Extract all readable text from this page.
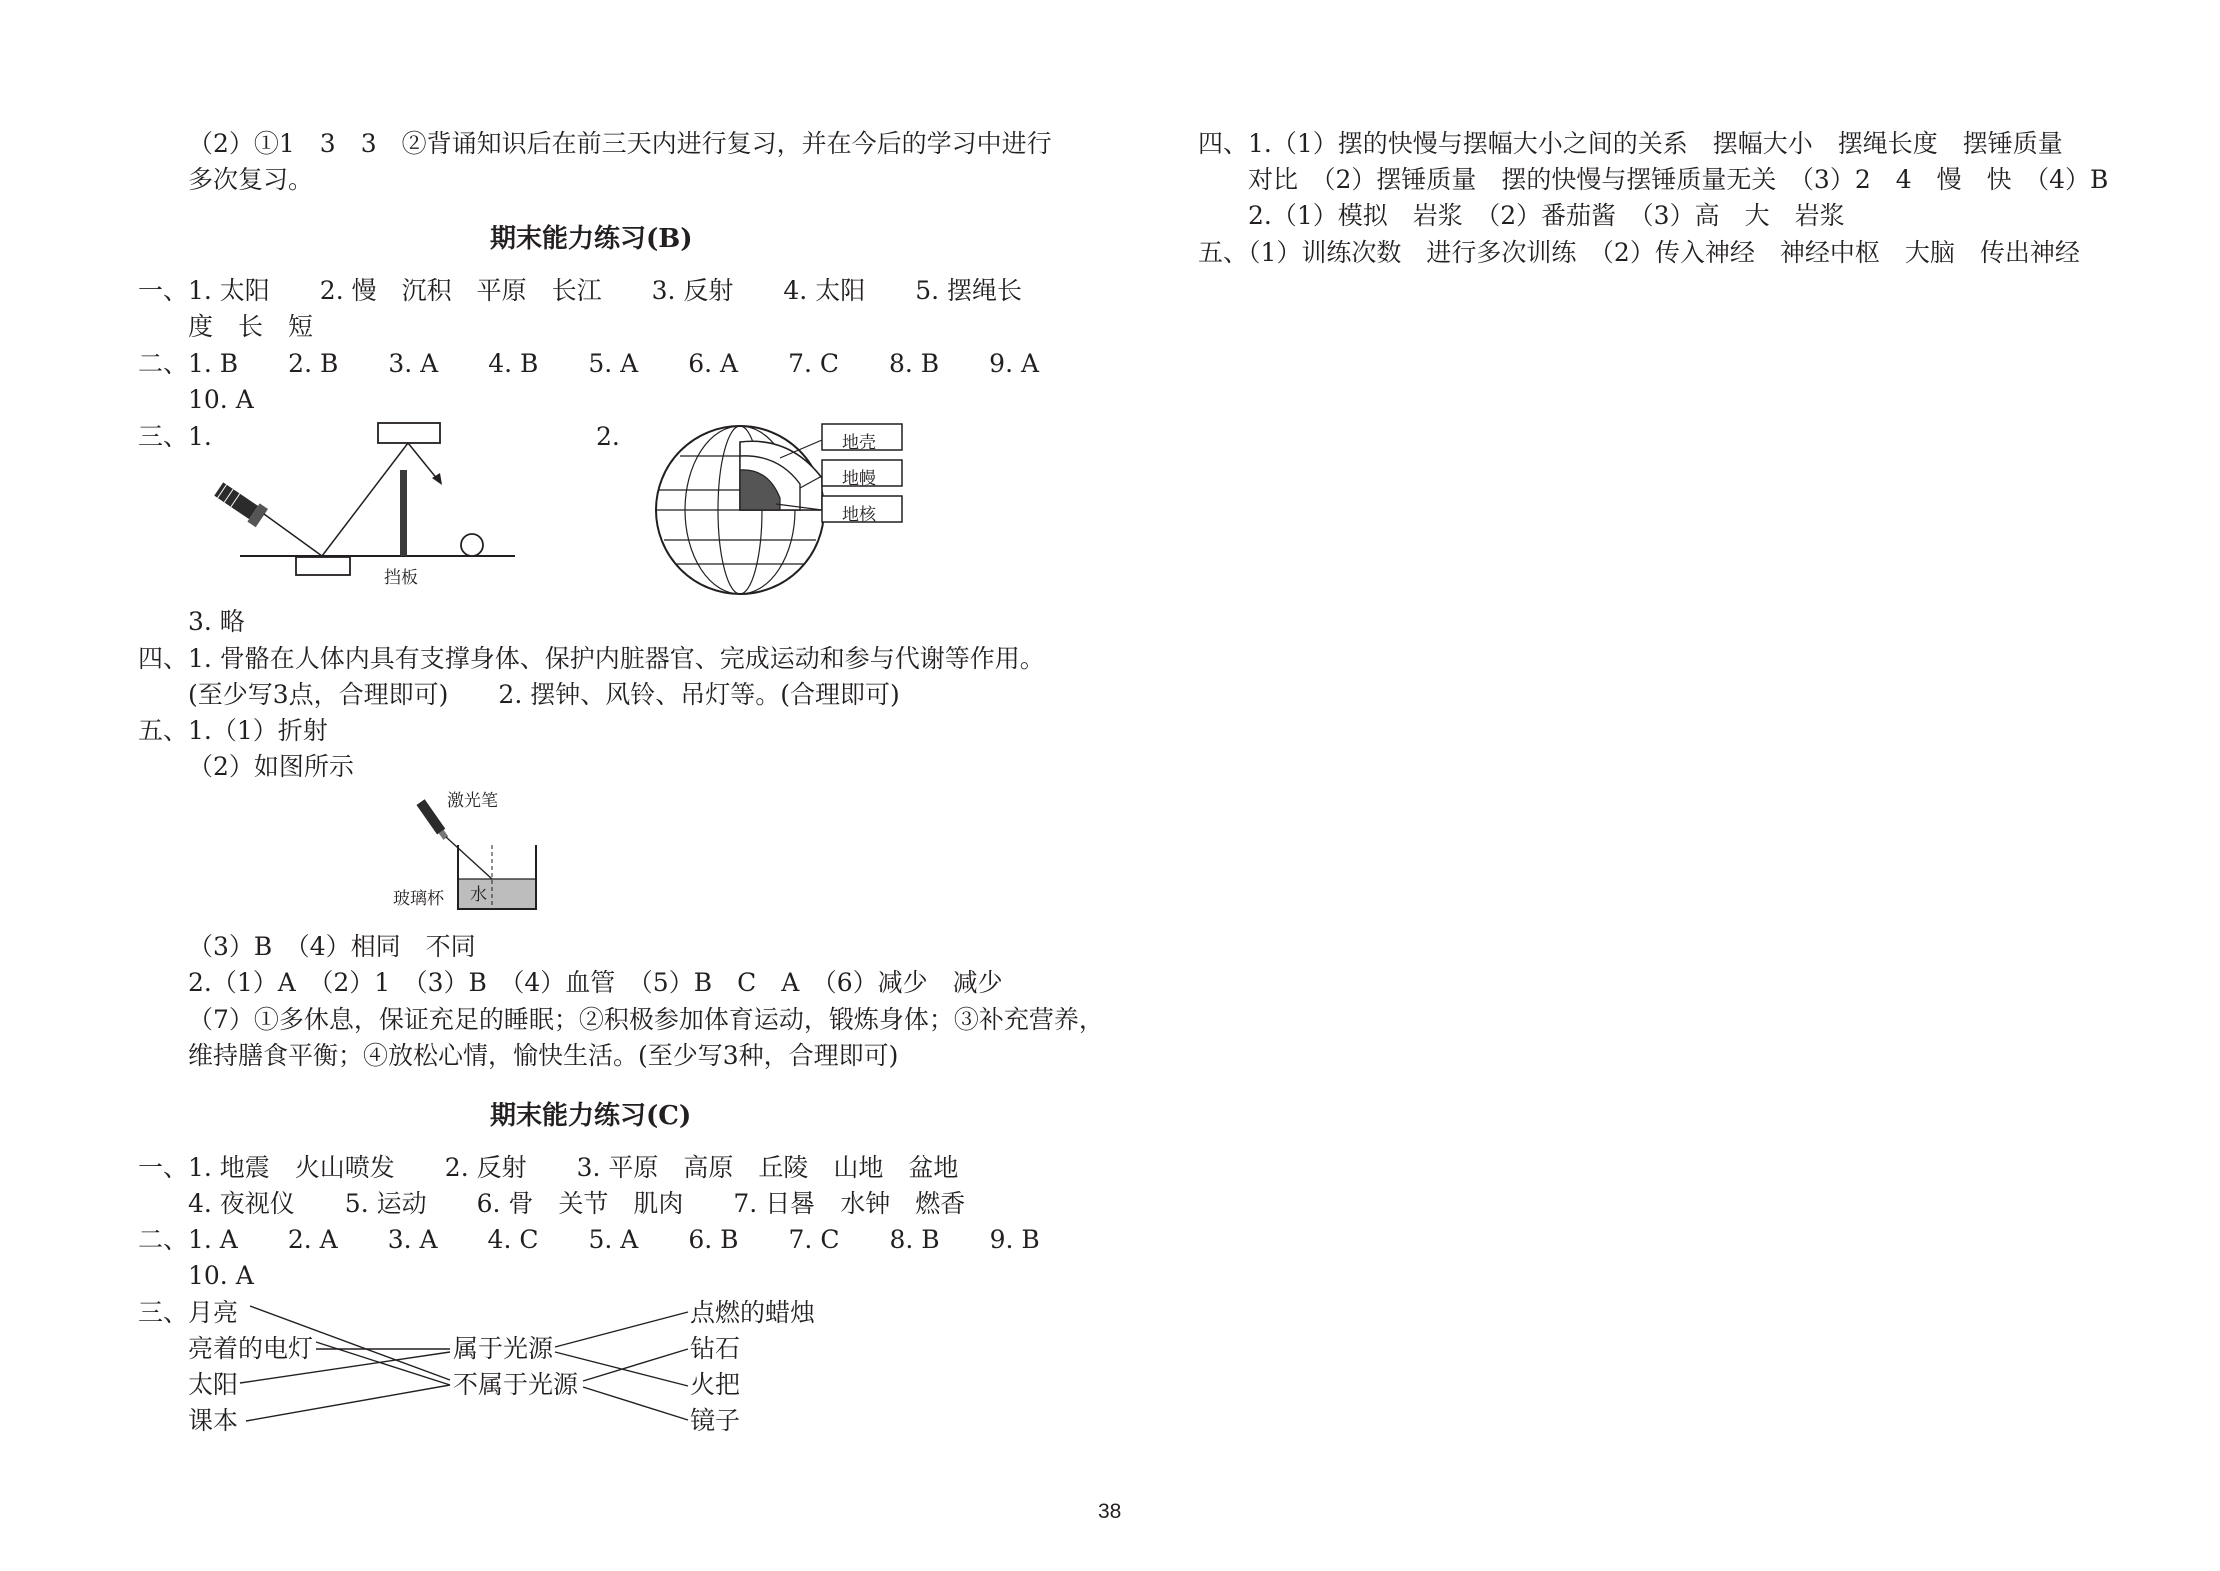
（2）①1　3　3　②背诵知识后在前三天内进行复习，并在今后的学习中进行
多次复习。
期末能力练习(B)
一、1. 太阳　　2. 慢　沉积　平原　长江　　3. 反射　　4. 太阳　　5. 摆绳长
度　长　短
二、1. B　　2. B　　3. A　　4. B　　5. A　　6. A　　7. C　　8. B　　9. A
10. A
三、1.	2.
挡板
地壳
地幔
地核
3. 略
四、1. 骨骼在人体内具有支撑身体、保护内脏器官、完成运动和参与代谢等作用。
(至少写3点，合理即可)　　2. 摆钟、风铃、吊灯等。(合理即可)
五、1.（1）折射
（2）如图所示
激光笔
玻璃杯 水
（3）B　（4）相同　不同
2.（1）A　（2）1　（3）B　（4）血管　（5）B　C　A　（6）减少　减少
（7）①多休息，保证充足的睡眠；②积极参加体育运动，锻炼身体；③补充营养，
维持膳食平衡；④放松心情，愉快生活。(至少写3种，合理即可)
期末能力练习(C)
一、1. 地震　火山喷发　　2. 反射　　3. 平原　高原　丘陵　山地　盆地
4. 夜视仪　　5. 运动　　6. 骨　关节　肌肉　　7. 日晷　水钟　燃香
二、1. A　　2. A　　3. A　　4. C　　5. A　　6. B　　7. C　　8. B　　9. B
10. A
三、 月亮
亮着的电灯
太阳
课本
属于光源
不属于光源
点燃的蜡烛
钻石
火把
镜子
四、1.（1）摆的快慢与摆幅大小之间的关系　摆幅大小　摆绳长度　摆锤质量
对比　（2）摆锤质量　摆的快慢与摆锤质量无关　（3）2　4　慢　快　（4）B
2.（1）模拟　岩浆　（2）番茄酱　（3）高　大　岩浆
五、（1）训练次数　进行多次训练　（2）传入神经　神经中枢　大脑　传出神经
38
